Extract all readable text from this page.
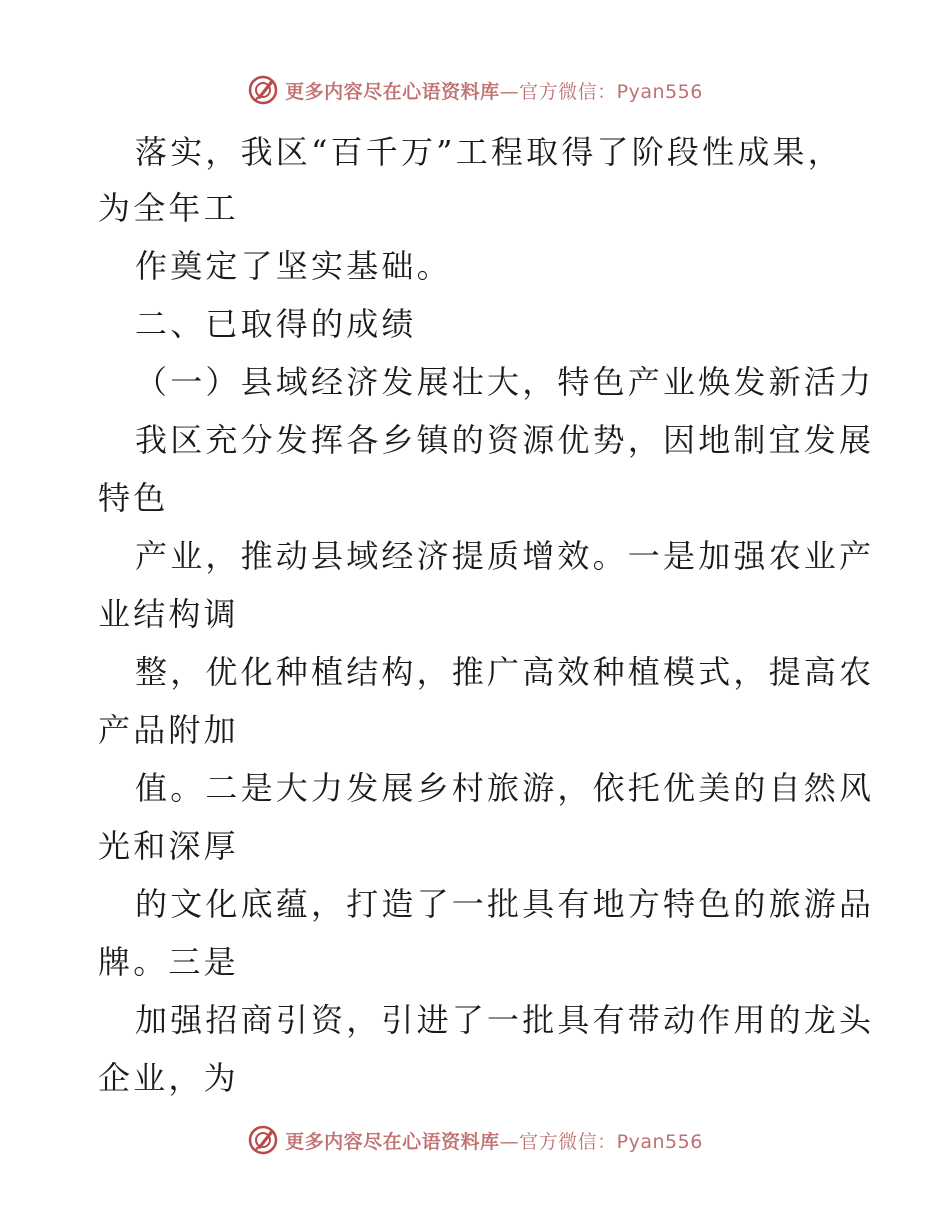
更多内容尽在心语资料库—官方微信：Pyan556
落实，我区“百千万”工程取得了阶段性成果，
为全年工
作奠定了坚实基础。
二、已取得的成绩
（一）县域经济发展壮大，特色产业焕发新活力
我区充分发挥各乡镇的资源优势，因地制宜发展
特色
产业，推动县域经济提质增效。一是加强农业产
业结构调
整，优化种植结构，推广高效种植模式，提高农
产品附加
值。二是大力发展乡村旅游，依托优美的自然风
光和深厚
的文化底蕴，打造了一批具有地方特色的旅游品
牌。三是
加强招商引资，引进了一批具有带动作用的龙头
企业，为
更多内容尽在心语资料库—官方微信：Pyan556
